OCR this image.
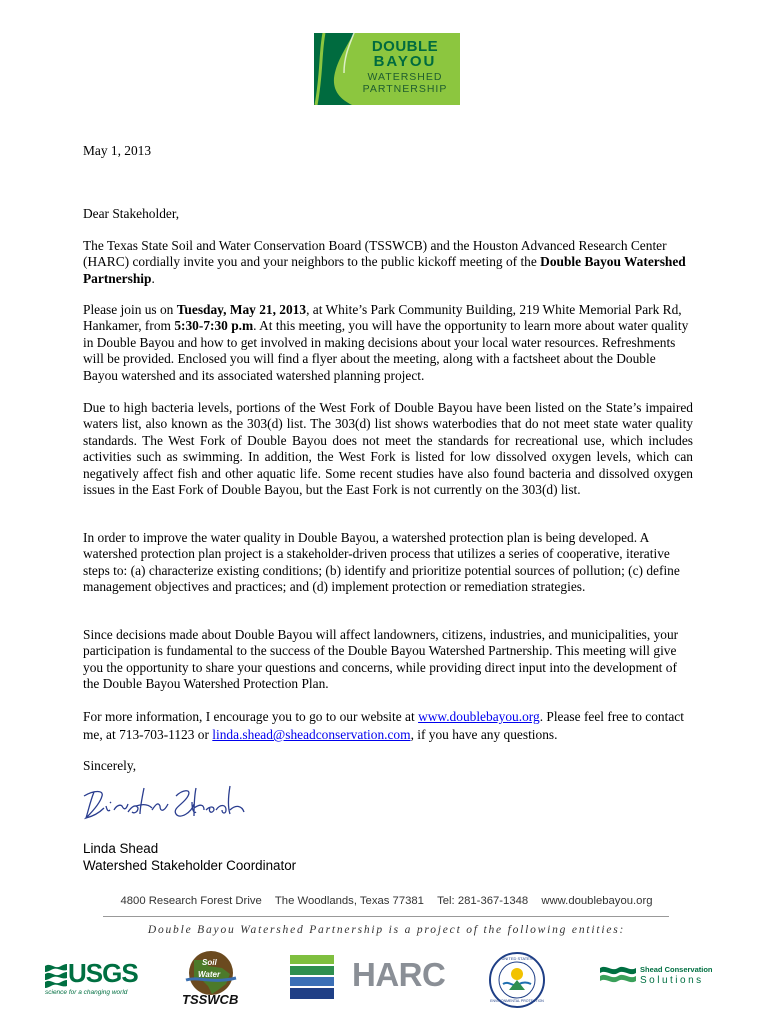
DOUBLE
BAYOU
WATERSHED
PARTNERSHIP
May 1, 2013
Dear Stakeholder,

The Texas State Soil and Water Conservation Board (TSSWCB) and the Houston Advanced Research Center (HARC) cordially invite you and your neighbors to the public kickoff meeting of the Double Bayou Watershed Partnership.

Please join us on Tuesday, May 21, 2013, at White’s Park Community Building, 219 White Memorial Park Rd, Hankamer, from 5:30-7:30 p.m. At this meeting, you will have the opportunity to learn more about water quality in Double Bayou and how to get involved in making decisions about your local water resources. Refreshments will be provided. Enclosed you will find a flyer about the meeting, along with a factsheet about the Double Bayou watershed and its associated watershed planning project.

Due to high bacteria levels, portions of the West Fork of Double Bayou have been listed on the State’s impaired waters list, also known as the 303(d) list. The 303(d) list shows waterbodies that do not meet state water quality standards. The West Fork of Double Bayou does not meet the standards for recreational use, which includes activities such as swimming. In addition, the West Fork is listed for low dissolved oxygen levels, which can negatively affect fish and other aquatic life. Some recent studies have also found bacteria and dissolved oxygen issues in the East Fork of Double Bayou, but the East Fork is not currently on the 303(d) list.

In order to improve the water quality in Double Bayou, a watershed protection plan is being developed. A watershed protection plan project is a stakeholder-driven process that utilizes a series of cooperative, iterative steps to: (a) characterize existing conditions; (b) identify and prioritize potential sources of pollution; (c) define management objectives and practices; and (d) implement protection or remediation strategies.

Since decisions made about Double Bayou will affect landowners, citizens, industries, and municipalities, your participation is fundamental to the success of the Double Bayou Watershed Partnership. This meeting will give you the opportunity to share your questions and concerns, while providing direct input into the development of the Double Bayou Watershed Protection Plan.

For more information, I encourage you to go to our website at www.doublebayou.org. Please feel free to contact me, at 713-703-1123 or linda.shead@sheadconservation.com, if you have any questions.

Sincerely,
Linda Shead
Watershed Stakeholder Coordinator
4800 Research Forest Drive The Woodlands, Texas 77381 Tel: 281-367-1348 www.doublebayou.org
Double Bayou Watershed Partnership is a project of the following entities:
USGS
science for a changing world
Soil
Water
TSSWCB
HARC	UNITED STATES
ENVIRONMENTAL PROTECTION
Shead Conservation
Solutions
